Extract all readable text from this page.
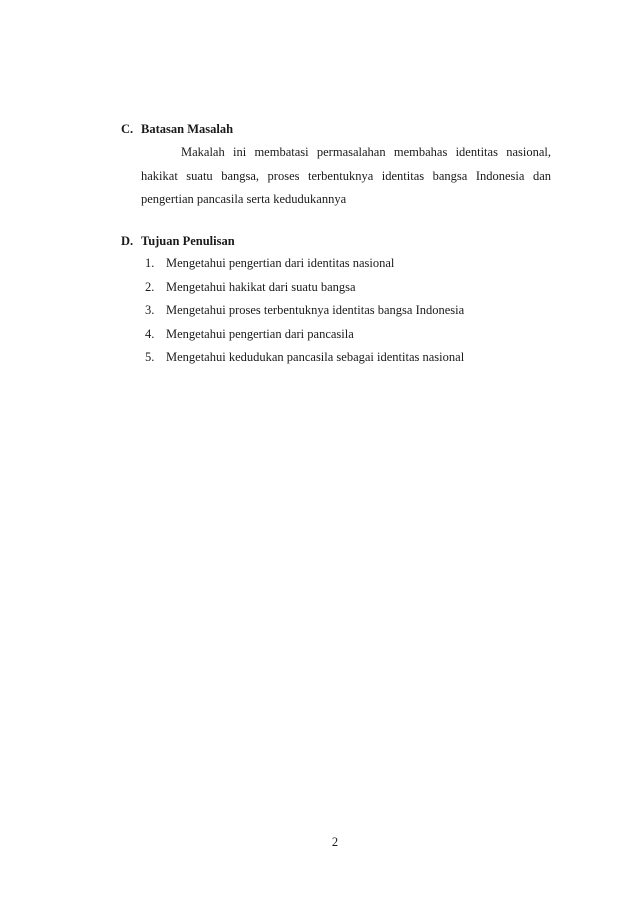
C. Batasan Masalah
Makalah ini membatasi permasalahan membahas identitas nasional, hakikat suatu bangsa, proses terbentuknya identitas bangsa Indonesia dan pengertian pancasila serta kedudukannya
D. Tujuan Penulisan
1. Mengetahui pengertian dari identitas nasional
2. Mengetahui hakikat dari suatu bangsa
3. Mengetahui proses terbentuknya identitas bangsa Indonesia
4. Mengetahui pengertian dari pancasila
5. Mengetahui kedudukan pancasila sebagai identitas nasional
2
